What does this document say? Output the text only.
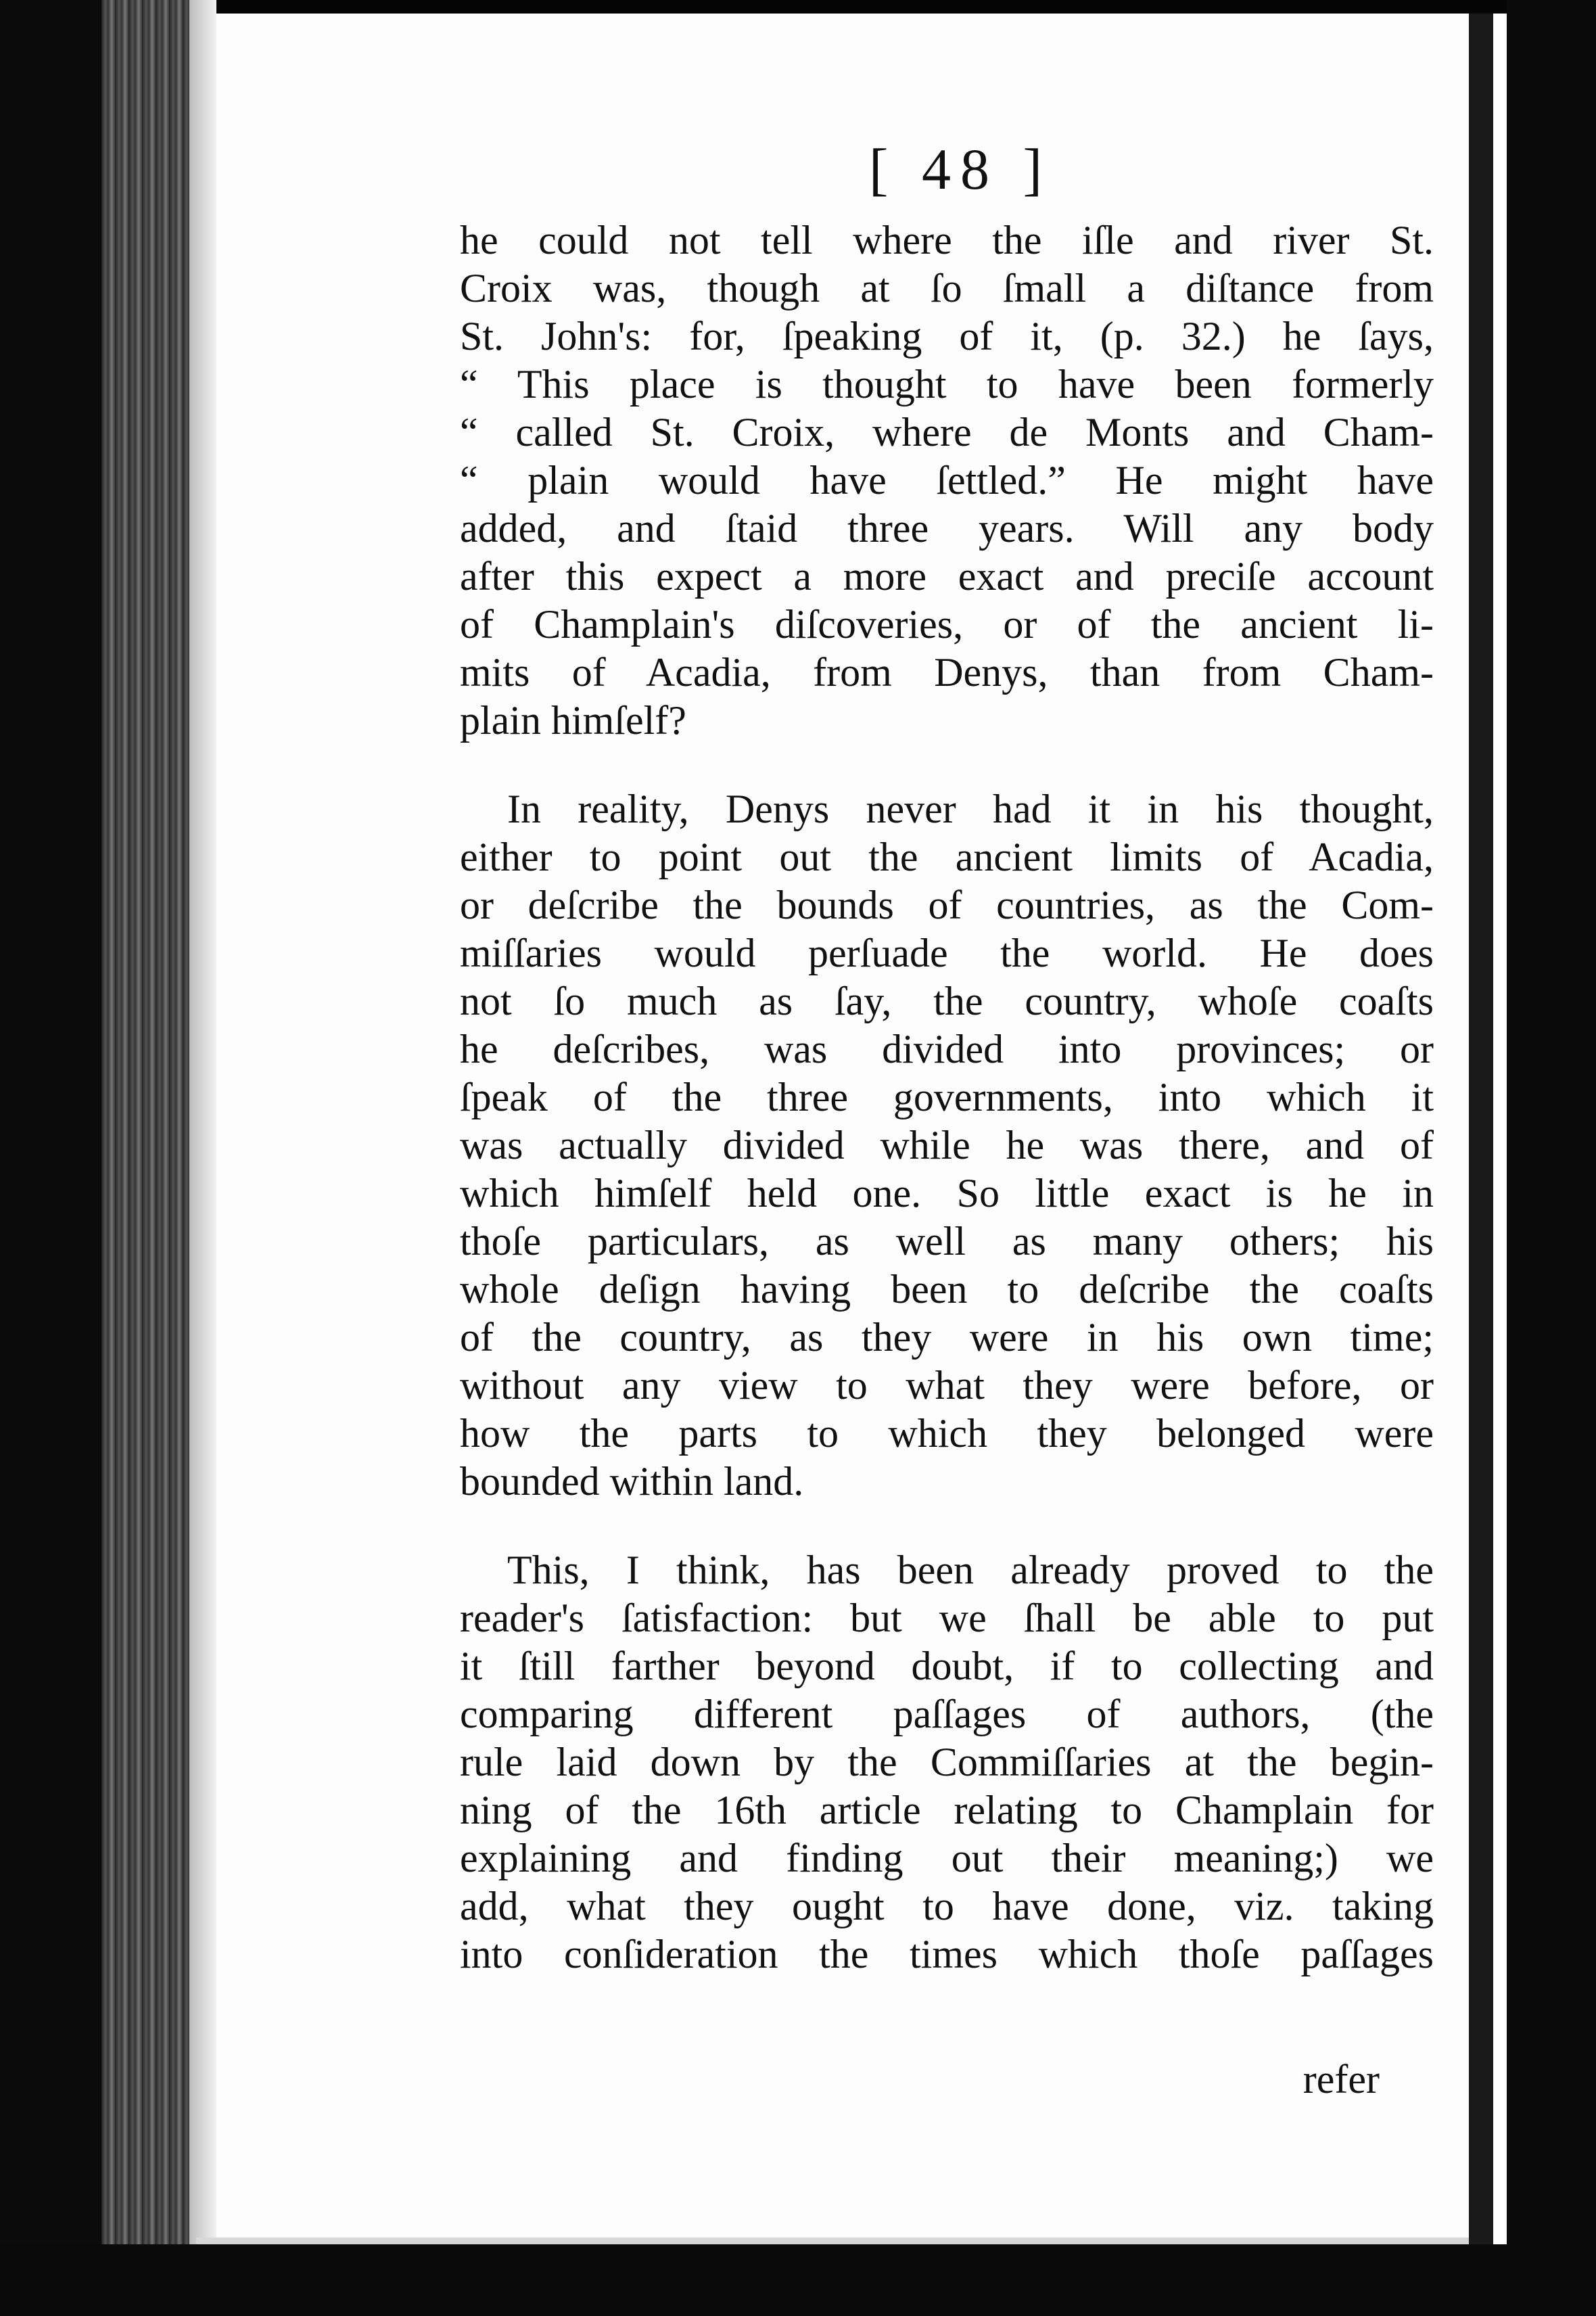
[ 48 ]
he could not tell where the iſle and river St.
Croix was, though at ſo ſmall a diſtance from
St. John's: for, ſpeaking of it, (p. 32.) he ſays,
“ This place is thought to have been formerly
“ called St. Croix, where de Monts and Cham-
“ plain would have ſettled.” He might have
added, and ſtaid three years. Will any body
after this expect a more exact and preciſe account
of Champlain's diſcoveries, or of the ancient li-
mits of Acadia, from Denys, than from Cham-
plain himſelf?
In reality, Denys never had it in his thought,
either to point out the ancient limits of Acadia,
or deſcribe the bounds of countries, as the Com-
miſſaries would perſuade the world. He does
not ſo much as ſay, the country, whoſe coaſts
he deſcribes, was divided into provinces; or
ſpeak of the three governments, into which it
was actually divided while he was there, and of
which himſelf held one. So little exact is he in
thoſe particulars, as well as many others; his
whole deſign having been to deſcribe the coaſts
of the country, as they were in his own time;
without any view to what they were before, or
how the parts to which they belonged were
bounded within land.
This, I think, has been already proved to the
reader's ſatisfaction: but we ſhall be able to put
it ſtill farther beyond doubt, if to collecting and
comparing different paſſages of authors, (the
rule laid down by the Commiſſaries at the begin-
ning of the 16th article relating to Champlain for
explaining and finding out their meaning;) we
add, what they ought to have done, viz. taking
into conſideration the times which thoſe paſſages
refer
